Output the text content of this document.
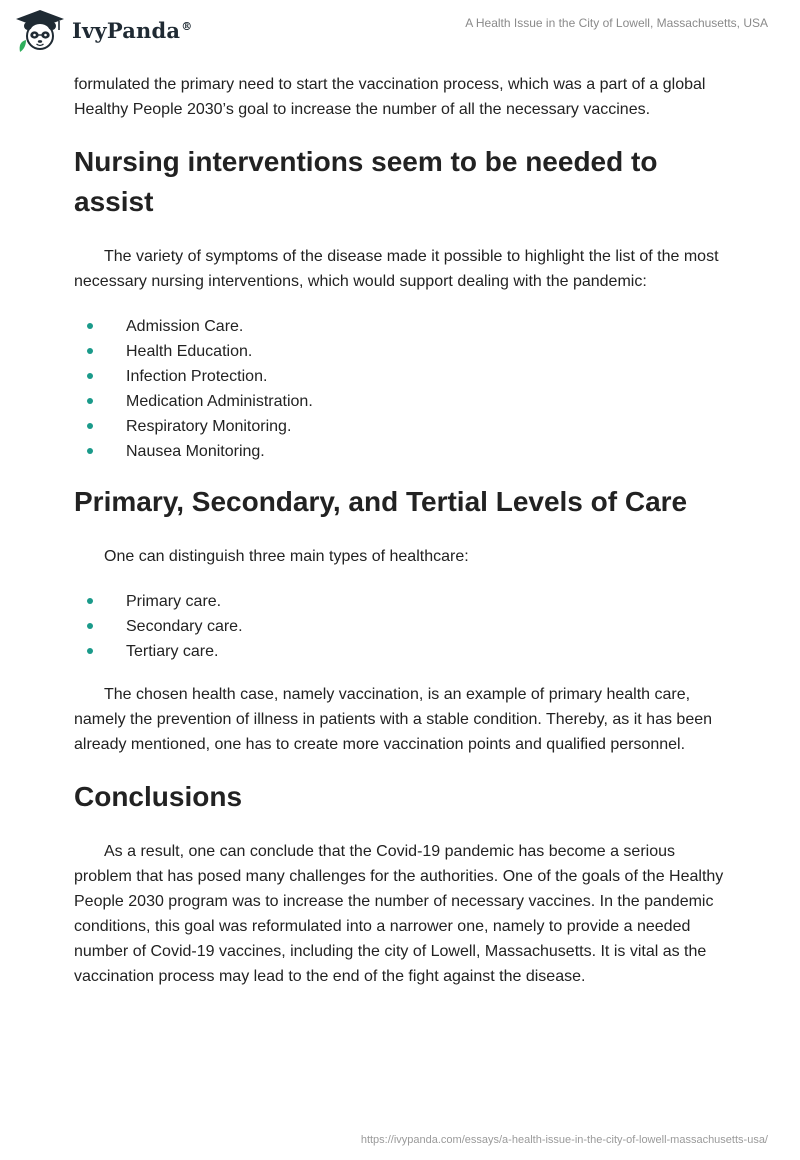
IvyPanda®	A Health Issue in the City of Lowell, Massachusetts, USA

formulated the primary need to start the vaccination process, which was a part of a global Healthy People 2030’s goal to increase the number of all the necessary vaccines.

Nursing interventions seem to be needed to assist

The variety of symptoms of the disease made it possible to highlight the list of the most necessary nursing interventions, which would support dealing with the pandemic:

Admission Care.
Health Education.
Infection Protection.
Medication Administration.
Respiratory Monitoring.
Nausea Monitoring.
Primary, Secondary, and Tertial Levels of Care

One can distinguish three main types of healthcare:

Primary care.
Secondary care.
Tertiary care.

The chosen health case, namely vaccination, is an example of primary health care, namely the prevention of illness in patients with a stable condition. Thereby, as it has been already mentioned, one has to create more vaccination points and qualified personnel.

Conclusions

As a result, one can conclude that the Covid-19 pandemic has become a serious problem that has posed many challenges for the authorities. One of the goals of the Healthy People 2030 program was to increase the number of necessary vaccines. In the pandemic conditions, this goal was reformulated into a narrower one, namely to provide a needed number of Covid-19 vaccines, including the city of Lowell, Massachusetts. It is vital as the vaccination process may lead to the end of the fight against the disease.

https://ivypanda.com/essays/a-health-issue-in-the-city-of-lowell-massachusetts-usa/
